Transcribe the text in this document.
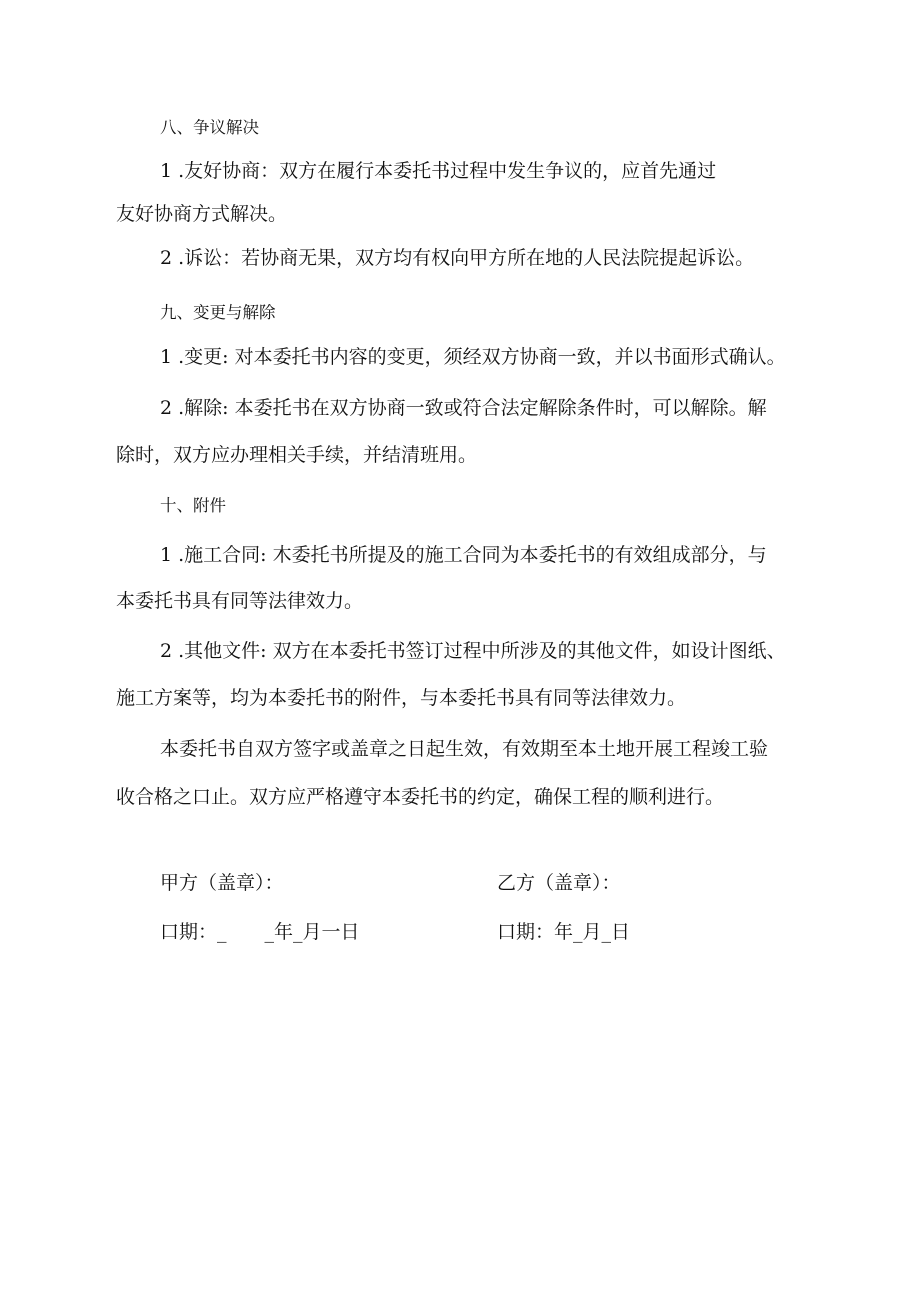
八、争议解决
1 .友好协商：双方在履行本委托书过程中发生争议的，应首先通过
友好协商方式解决。
2 .诉讼：若协商无果，双方均有权向甲方所在地的人民法院提起诉讼。
九、变更与解除
1 .变更: 对本委托书内容的变更，须经双方协商一致，并以书面形式确认。
2 .解除: 本委托书在双方协商一致或符合法定解除条件时，可以解除。解
除时，双方应办理相关手续，并结清班用。
十、附件
1 .施工合同: 木委托书所提及的施工合同为本委托书的有效组成部分，与
本委托书具有同等法律效力。
2 .其他文件: 双方在本委托书签订过程中所涉及的其他文件，如设计图纸、
施工方案等，均为本委托书的附件，与本委托书具有同等法律效力。
本委托书自双方签字或盖章之日起生效，有效期至本土地开展工程竣工验
收合格之口止。双方应严格遵守本委托书的约定，确保工程的顺利进行。
甲方（盖章）：	乙方（盖章）：
口期：_　　_年_月一日	口期：年_月_日
